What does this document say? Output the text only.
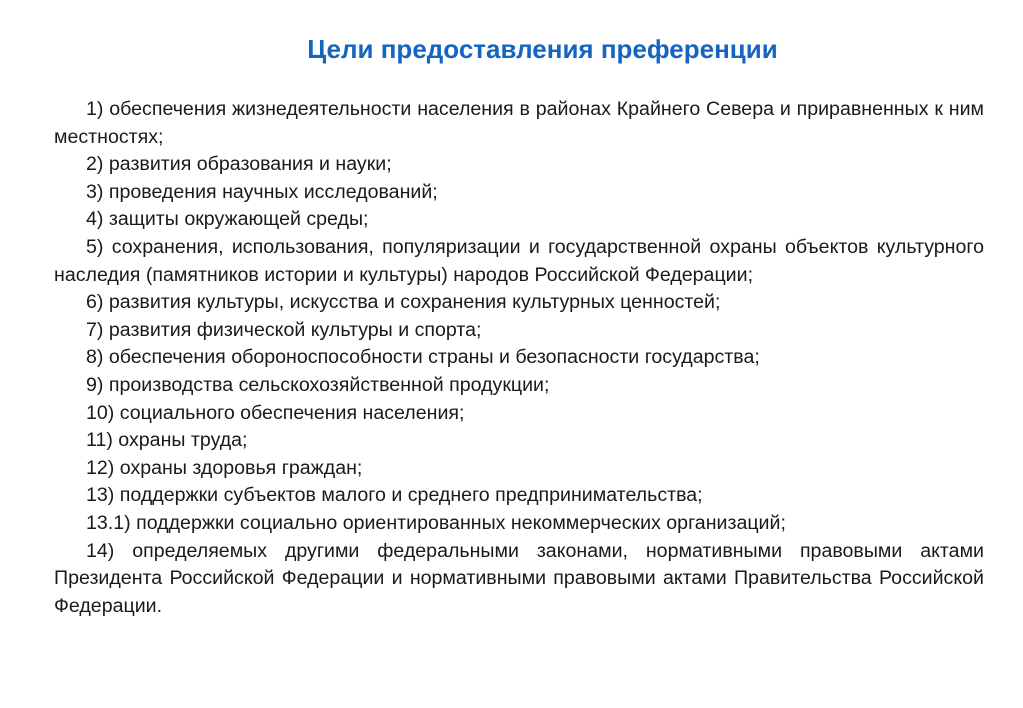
Цели предоставления преференции
1) обеспечения жизнедеятельности населения в районах Крайнего Севера и приравненных к ним местностях;
2) развития образования и науки;
3) проведения научных исследований;
4) защиты окружающей среды;
5) сохранения, использования, популяризации и государственной охраны объектов культурного наследия (памятников истории и культуры) народов Российской Федерации;
6) развития культуры, искусства и сохранения культурных ценностей;
7) развития физической культуры и спорта;
8) обеспечения обороноспособности страны и безопасности государства;
9) производства сельскохозяйственной продукции;
10) социального обеспечения населения;
11) охраны труда;
12) охраны здоровья граждан;
13) поддержки субъектов малого и среднего предпринимательства;
13.1) поддержки социально ориентированных некоммерческих организаций;
14) определяемых другими федеральными законами, нормативными правовыми актами Президента Российской Федерации и нормативными правовыми актами Правительства Российской Федерации.
